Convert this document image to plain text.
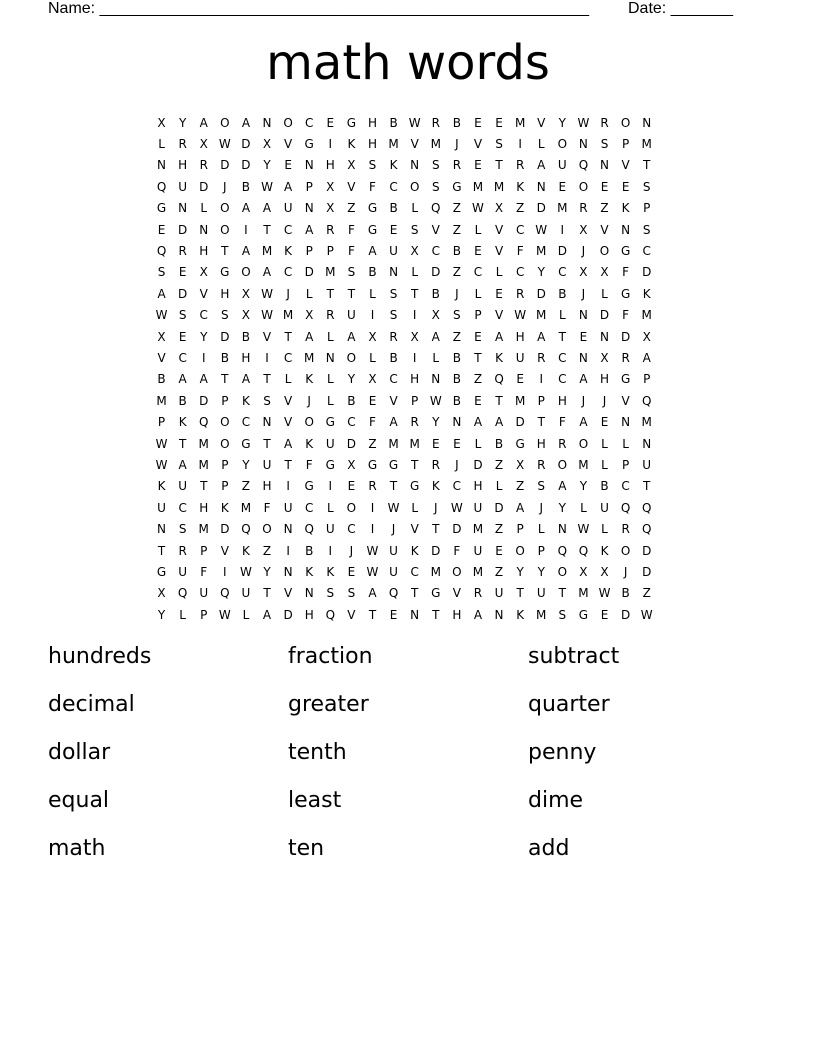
Name: _______________________________________________________

Date: _______

math words
X	Y	A	O	A	N O	C	E	G H	B W R	B	E	E	M V	Y W R	O N
L	R	X W D	X	V	G	I	K	H M V M	J	V	S	I	L	O N	S	P	M
N	H	R	D D	Y	E	N	H	X	S	K	N	S	R	E	T	R	A	U Q N	V	T
Q U	D	J	B W A	P	X	V	F	C	O	S	G M M K	N	E	O	E	E	S
G N	L	O	A	A	U	N	X	Z	G	B	L	Q	Z W X	Z	D M R	Z	K	P
E	D N O	I	T	C	A	R	F	G	E	S	V	Z	L	V	C W	I	X	V	N	S
Q	R	H	T	A M K	P	P	F	A	U	X	C	B	E	V	F	M D	J	O G	C
S	E	X	G O	A	C	D M	S	B	N	L	D	Z	C	L	C	Y	C	X	X	F	D
A	D	V	H	X W	J	L	T	T	L	S	T	B	J	L	E	R	D	B	J	L	G	K
W S	C	S	X W M X	R	U	I	S	I	X	S	P	V W M	L	N D	F	M
X	E	Y	D	B	V	T	A	L	A	X	R	X	A	Z	E	A	H	A	T	E	N D	X
V	C	I	B	H	I	C M N O	L	B	I	L	B	T	K	U	R	C	N	X	R	A
B	A	A	T	A	T	L	K	L	Y	X	C	H	N	B	Z	Q	E	I	C	A	H G	P
M B	D	P	K	S	V	J	L	B	E	V	P W B	E	T	M	P	H	J	J	V	Q
P	K	Q O	C	N	V	O G	C	F	A	R	Y	N	A	A	D	T	F	A	E	N M
W T	M O G	T	A	K	U	D	Z M M	E	E	L	B	G H	R	O	L	L	N
W A M	P	Y	U	T	F	G	X	G G	T	R	J	D	Z	X	R	O M	L	P	U
K	U	T	P	Z	H	I	G	I	E	R	T	G	K	C	H	L	Z	S	A	Y	B	C	T
U	C	H	K M	F	U	C	L	O	I	W L	J	W U	D	A	J	Y	L	U Q Q
N	S	M D Q O N Q U	C	I	J	V	T	D M Z	P	L	N W L	R	Q
T	R	P	V	K	Z	I	B	I	J	W U	K	D	F	U	E	O	P	Q Q	K	O D
G	U	F	I	W Y	N	K	K	E W U	C M O M Z	Y	Y	O	X	X	J	D
X	Q U Q U	T	V	N	S	S	A	Q	T	G	V	R	U	T	U	T	M W B	Z
Y	L	P W L	A	D H Q	V	T	E	N	T	H	A	N	K M	S	G	E	D W
hundreds	fraction	subtract
decimal	greater	quarter
dollar	tenth	penny
equal	least	dime
math	ten	add
